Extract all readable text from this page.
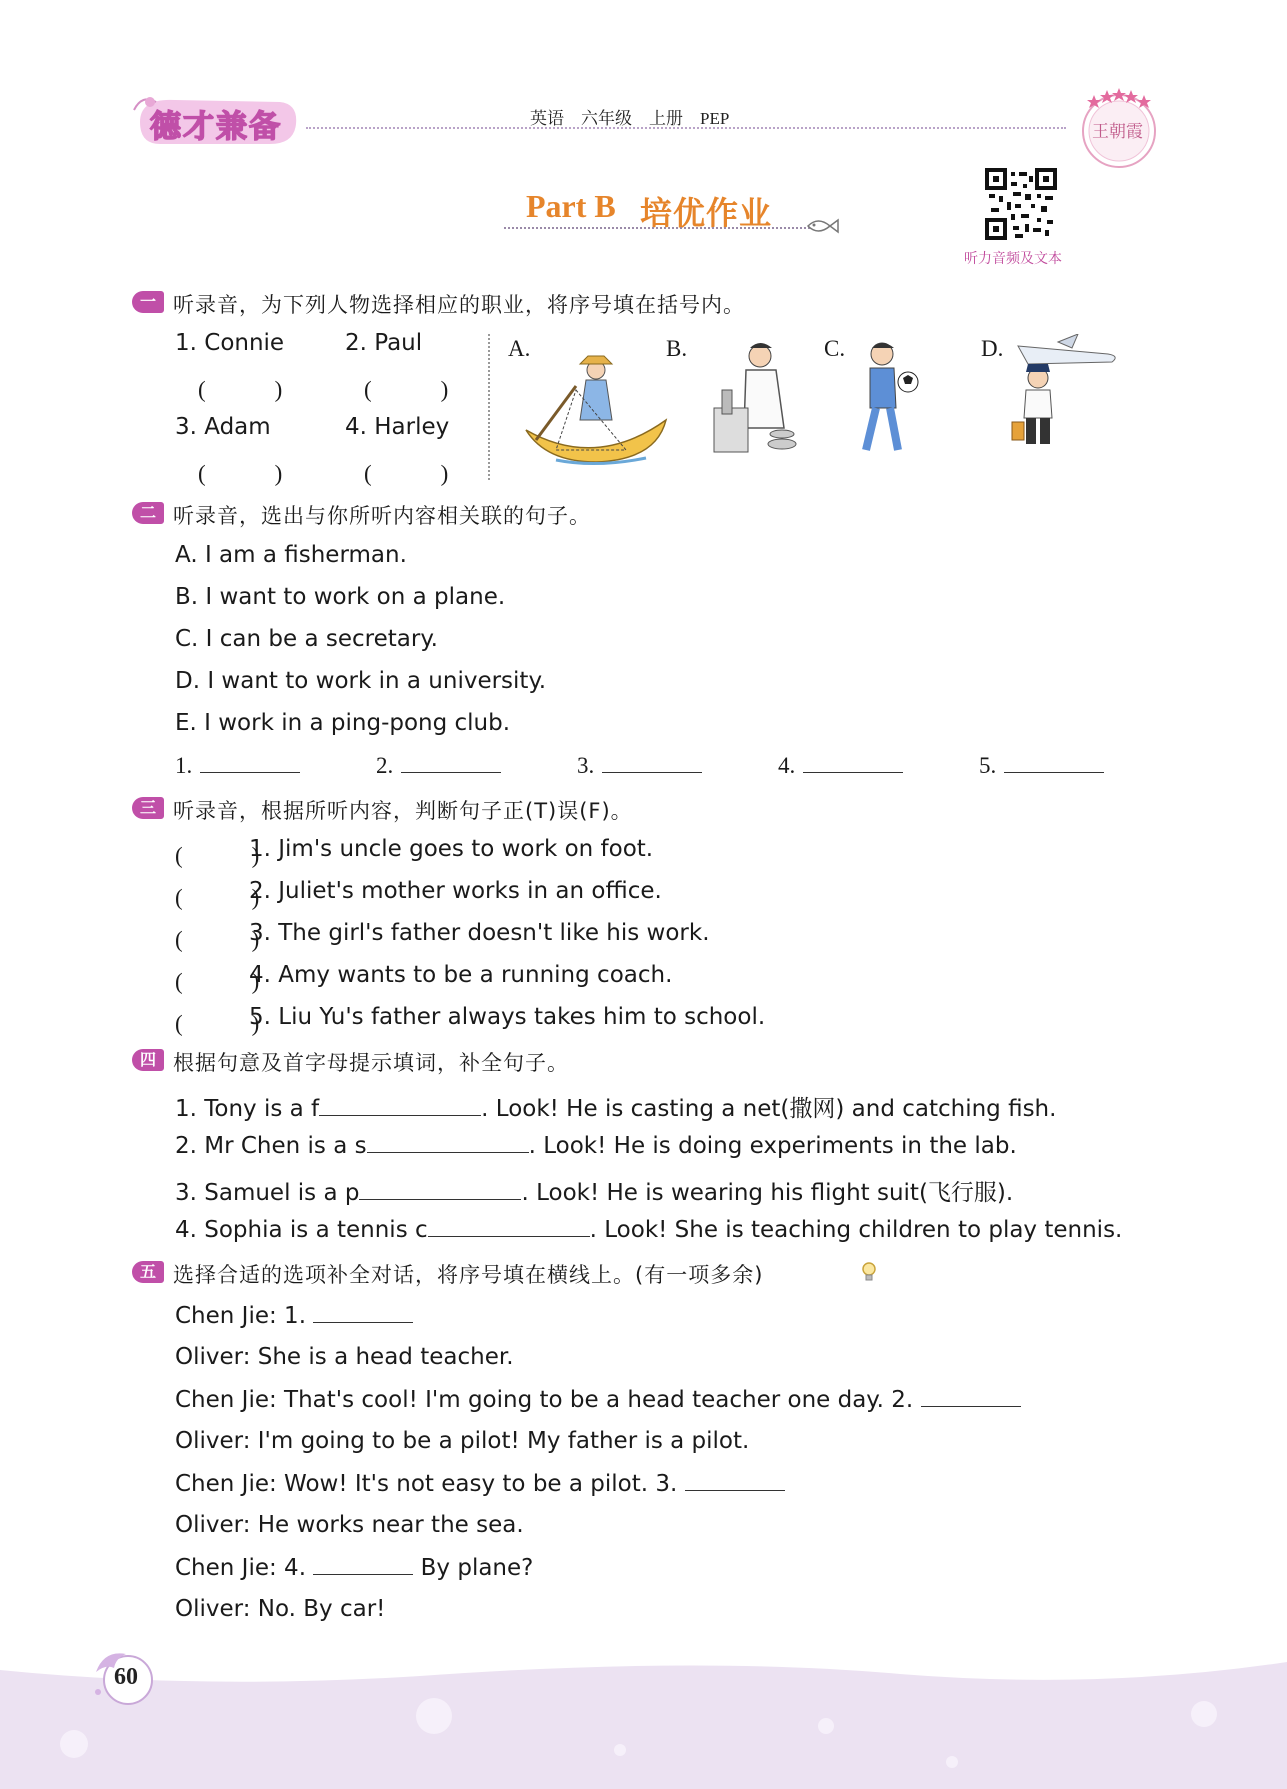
德才兼备	英语　六年级　上册　PEP
王朝霞
Part B 培优作业
听力音频及文本
一 听录音，为下列人物选择相应的职业，将序号填在括号内。
1. Connie	2. Paul
(　　　)	(　　　)
3. Adam	4. Harley
(　　　)	(　　　)
A.	B.	C.	D.
二 听录音，选出与你所听内容相关联的句子。
A. I am a fisherman.
B. I want to work on a plane.
C. I can be a secretary.
D. I want to work in a university.
E. I work in a ping-pong club.
1.	2.	3.	4.	5.
三 听录音，根据所听内容，判断句子正(T)误(F)。
(　　　)
1. Jim's uncle goes to work on foot.
(　　　)
2. Juliet's mother works in an office.
(　　　)
3. The girl's father doesn't like his work.
(　　　)
4. Amy wants to be a running coach.
(　　　)
5. Liu Yu's father always takes him to school.
四 根据句意及首字母提示填词，补全句子。
1. Tony is a f	. Look! He is casting a net(撒网) and catching fish.
2. Mr Chen is a s	. Look! He is doing experiments in the lab.
3. Samuel is a p	. Look! He is wearing his flight suit(飞行服).
4. Sophia is a tennis c	. Look! She is teaching children to play tennis.
五 选择合适的选项补全对话，将序号填在横线上。(有一项多余)
Chen Jie: 1.
Oliver: She is a head teacher.
Chen Jie: That's cool! I'm going to be a head teacher one day. 2.
Oliver: I'm going to be a pilot! My father is a pilot.
Chen Jie: Wow! It's not easy to be a pilot. 3.
Oliver: He works near the sea.
Chen Jie: 4.	By plane?
Oliver: No. By car!
60
